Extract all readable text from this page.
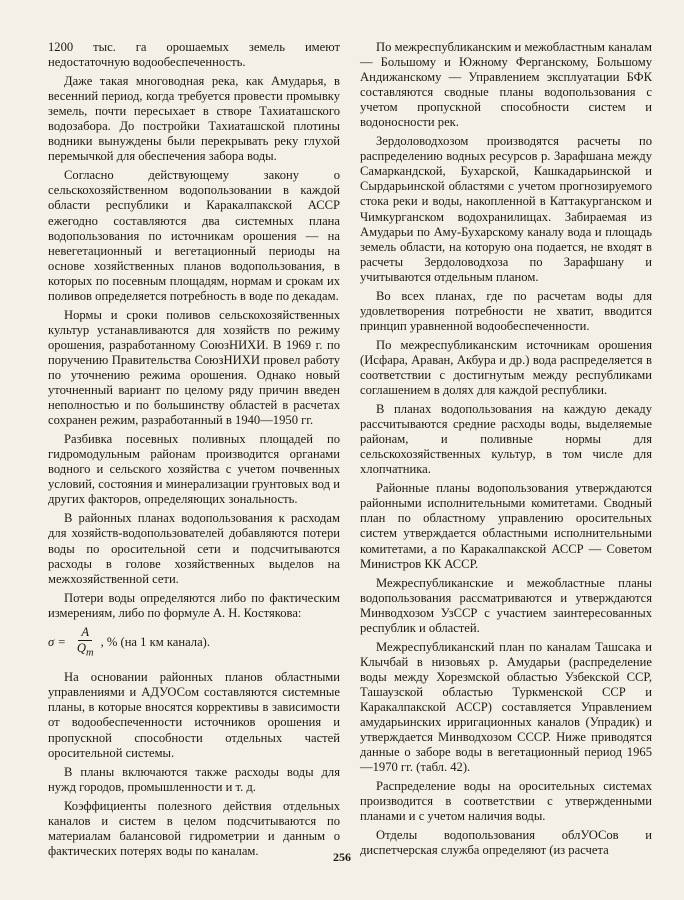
1200 тыс. га орошаемых земель имеют недостаточную водообеспеченность.

Даже такая многоводная река, как Амударья, в весенний период, когда требуется провести промывку земель, почти пересыхает в створе Тахиаташского водозабора. До постройки Тахиаташской плотины водники вынуждены были перекрывать реку глухой перемычкой для обеспечения забора воды.

Согласно действующему закону о сельскохозяйственном водопользовании в каждой области республики и Каракалпакской АССР ежегодно составляются два системных плана водопользования по источникам орошения — на невегетационный и вегетационный периоды на основе хозяйственных планов водопользования, в которых по посевным площадям, нормам и срокам их поливов определяется потребность в воде по декадам.

Нормы и сроки поливов сельскохозяйственных культур устанавливаются для хозяйств по режиму орошения, разработанному СоюзНИХИ. В 1969 г. по поручению Правительства СоюзНИХИ провел работу по уточнению режима орошения. Однако новый уточненный вариант по целому ряду причин введен неполностью и по большинству областей в расчетах сохранен режим, разработанный в 1940—1950 гг.

Разбивка посевных поливных площадей по гидромодульным районам производится органами водного и сельского хозяйства с учетом почвенных условий, состояния и минерализации грунтовых вод и других факторов, определяющих зональность.

В районных планах водопользования к расходам для хозяйств-водопользователей добавляются потери воды по оросительной сети и подсчитываются расходы в голове хозяйственных выделов на межхозяйственной сети.

Потери воды определяются либо по фактическим измерениям, либо по формуле А. Н. Костякова:

$\sigma = \frac{A}{Q_m}$ , % (на 1 км канала).

На основании районных планов областными управлениями и АДУОСом составляются системные планы, в которые вносятся коррективы в зависимости от водообеспеченности источников орошения и пропускной способности отдельных частей оросительной системы.

В планы включаются также расходы воды для нужд городов, промышленности и т. д.

Коэффициенты полезного действия отдельных каналов и систем в целом подсчитываются по материалам балансовой гидрометрии и данным о фактических потерях воды по каналам.

По межреспубликанским и межобластным каналам — Большому и Южному Ферганскому, Большому Андижанскому — Управлением эксплуатации БФК составляются сводные планы водопользования с учетом пропускной способности систем и водоносности рек.

Зердоловодхозом производятся расчеты по распределению водных ресурсов р. Зарафшана между Самаркандской, Бухарской, Кашкадарьинской и Сырдарьинской областями с учетом прогнозируемого стока реки и воды, накопленной в Каттакурганском и Чимкурганском водохранилищах. Забираемая из Амударьи по Аму-Бухарскому каналу вода и площадь земель области, на которую она подается, не входят в расчеты Зердоловодхоза по Зарафшану и учитываются отдельным планом.

Во всех планах, где по расчетам воды для удовлетворения потребности не хватит, вводится принцип уравненной водообеспеченности.

По межреспубликанским источникам орошения (Исфара, Араван, Акбура и др.) вода распределяется в соответствии с достигнутым между республиками соглашением в долях для каждой республики.

В планах водопользования на каждую декаду рассчитываются средние расходы воды, выделяемые районам, и поливные нормы для сельскохозяйственных культур, в том числе для хлопчатника.

Районные планы водопользования утверждаются районными исполнительными комитетами. Сводный план по областному управлению оросительных систем утверждается областными исполнительными комитетами, а по Каракалпакской АССР — Советом Министров КК АССР.

Межреспубликанские и межобластные планы водопользования рассматриваются и утверждаются Минводхозом УзССР с участием заинтересованных республик и областей.

Межреспубликанский план по каналам Ташсака и Клычбай в низовьях р. Амударьи (распределение воды между Хорезмской областью Узбекской ССР, Ташаузской областью Туркменской ССР и Каракалпакской АССР) составляется Управлением амударьинских ирригационных каналов (Упрадик) и утверждается Минводхозом СССР. Ниже приводятся данные о заборе воды в вегетационный период 1965—1970 гг. (табл. 42).

Распределение воды на оросительных системах производится в соответствии с утвержденными планами и с учетом наличия воды.

Отделы водопользования облУОСов и диспетчерская служба определяют (из расчета

256
